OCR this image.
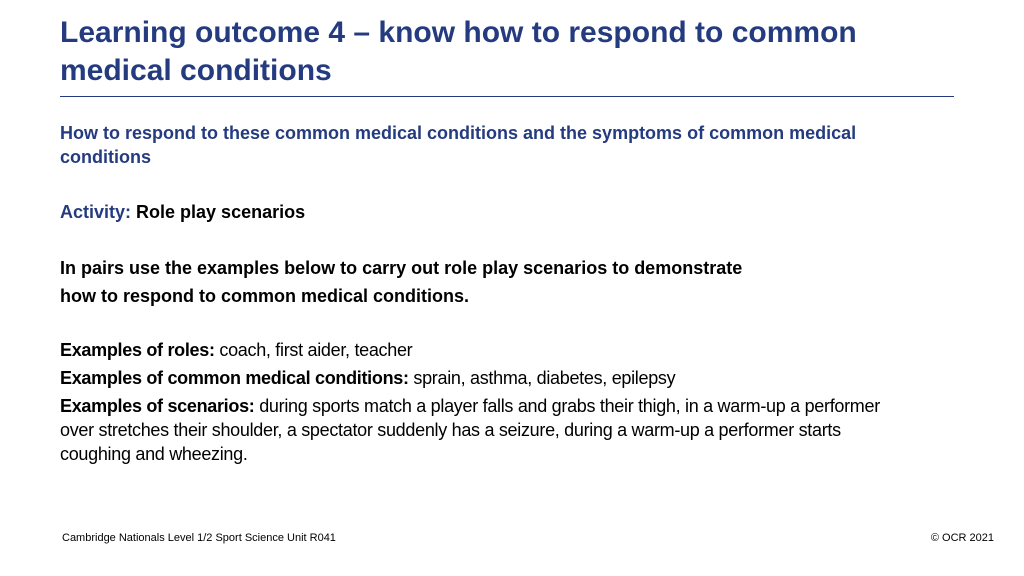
Learning outcome 4 – know how to respond to common medical conditions
How to respond to these common medical conditions and the symptoms of common medical conditions
Activity: Role play scenarios
In pairs use the examples below to carry out role play scenarios to demonstrate
how to respond to common medical conditions.
Examples of roles: coach, first aider, teacher
Examples of common medical conditions: sprain, asthma, diabetes, epilepsy
Examples of scenarios: during sports match a player falls and grabs their thigh, in a warm-up a performer over stretches their shoulder, a spectator suddenly has a seizure, during a warm-up a performer starts coughing and wheezing.
Cambridge Nationals Level 1/2 Sport Science Unit R041	© OCR 2021
